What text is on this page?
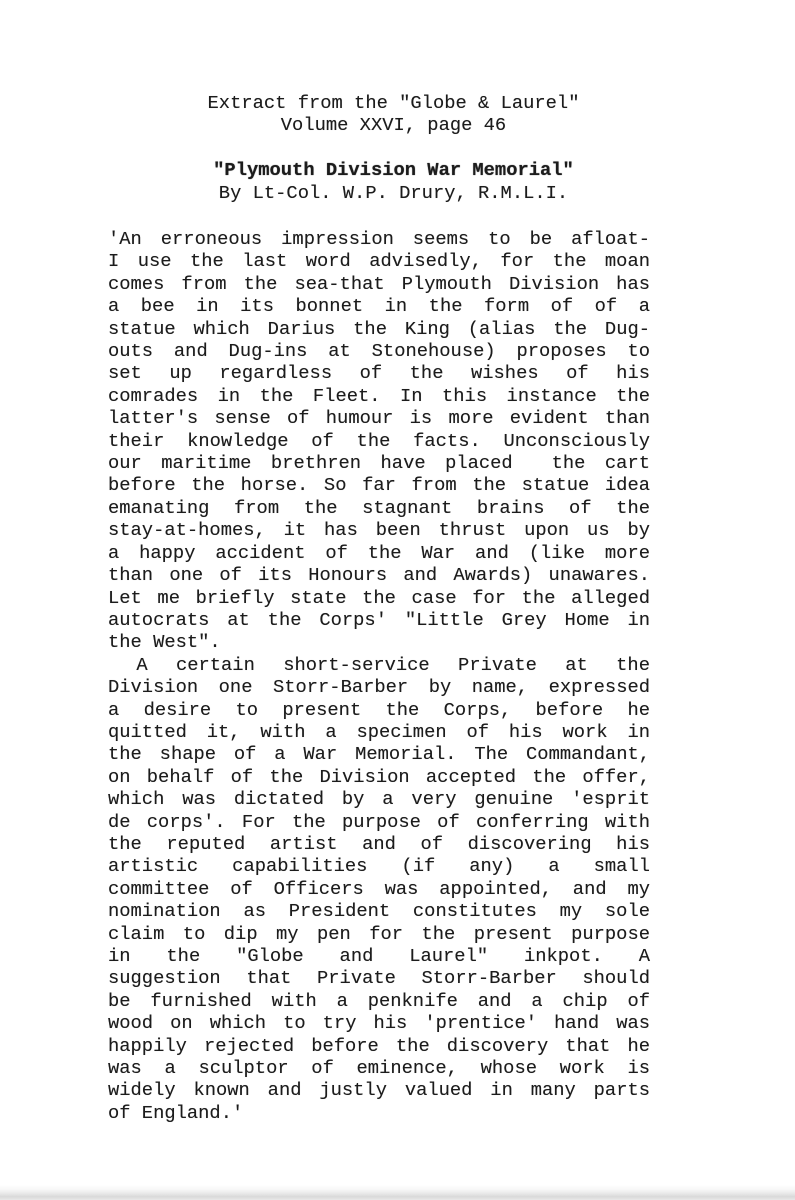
Extract from the "Globe & Laurel"
Volume XXVI, page 46
"Plymouth Division War Memorial"
By Lt-Col. W.P. Drury, R.M.L.I.
'An erroneous impression seems to be afloat-
I use the last word advisedly, for the moan
comes from the sea-that Plymouth Division has
a bee in its bonnet in the form of of a
statue which Darius the King (alias the Dug-
outs and Dug-ins at Stonehouse) proposes to
set up regardless of the wishes of his
comrades in the Fleet. In this instance the
latter's sense of humour is more evident than
their knowledge of the facts. Unconsciously
our maritime brethren have placed  the cart
before the horse. So far from the statue idea
emanating from the stagnant brains of the
stay-at-homes, it has been thrust upon us by
a happy accident of the War and (like more
than one of its Honours and Awards) unawares.
Let me briefly state the case for the alleged
autocrats at the Corps' "Little Grey Home in
the West".
A certain short-service Private at the
Division one Storr-Barber by name, expressed
a desire to present the Corps, before he
quitted it, with a specimen of his work in
the shape of a War Memorial. The Commandant,
on behalf of the Division accepted the offer,
which was dictated by a very genuine 'esprit
de corps'. For the purpose of conferring with
the reputed artist and of discovering his
artistic capabilities (if any) a small
committee of Officers was appointed, and my
nomination as President constitutes my sole
claim to dip my pen for the present purpose
in the "Globe and Laurel" inkpot. A
suggestion that Private Storr-Barber should
be furnished with a penknife and a chip of
wood on which to try his 'prentice' hand was
happily rejected before the discovery that he
was a sculptor of eminence, whose work is
widely known and justly valued in many parts
of England.'
